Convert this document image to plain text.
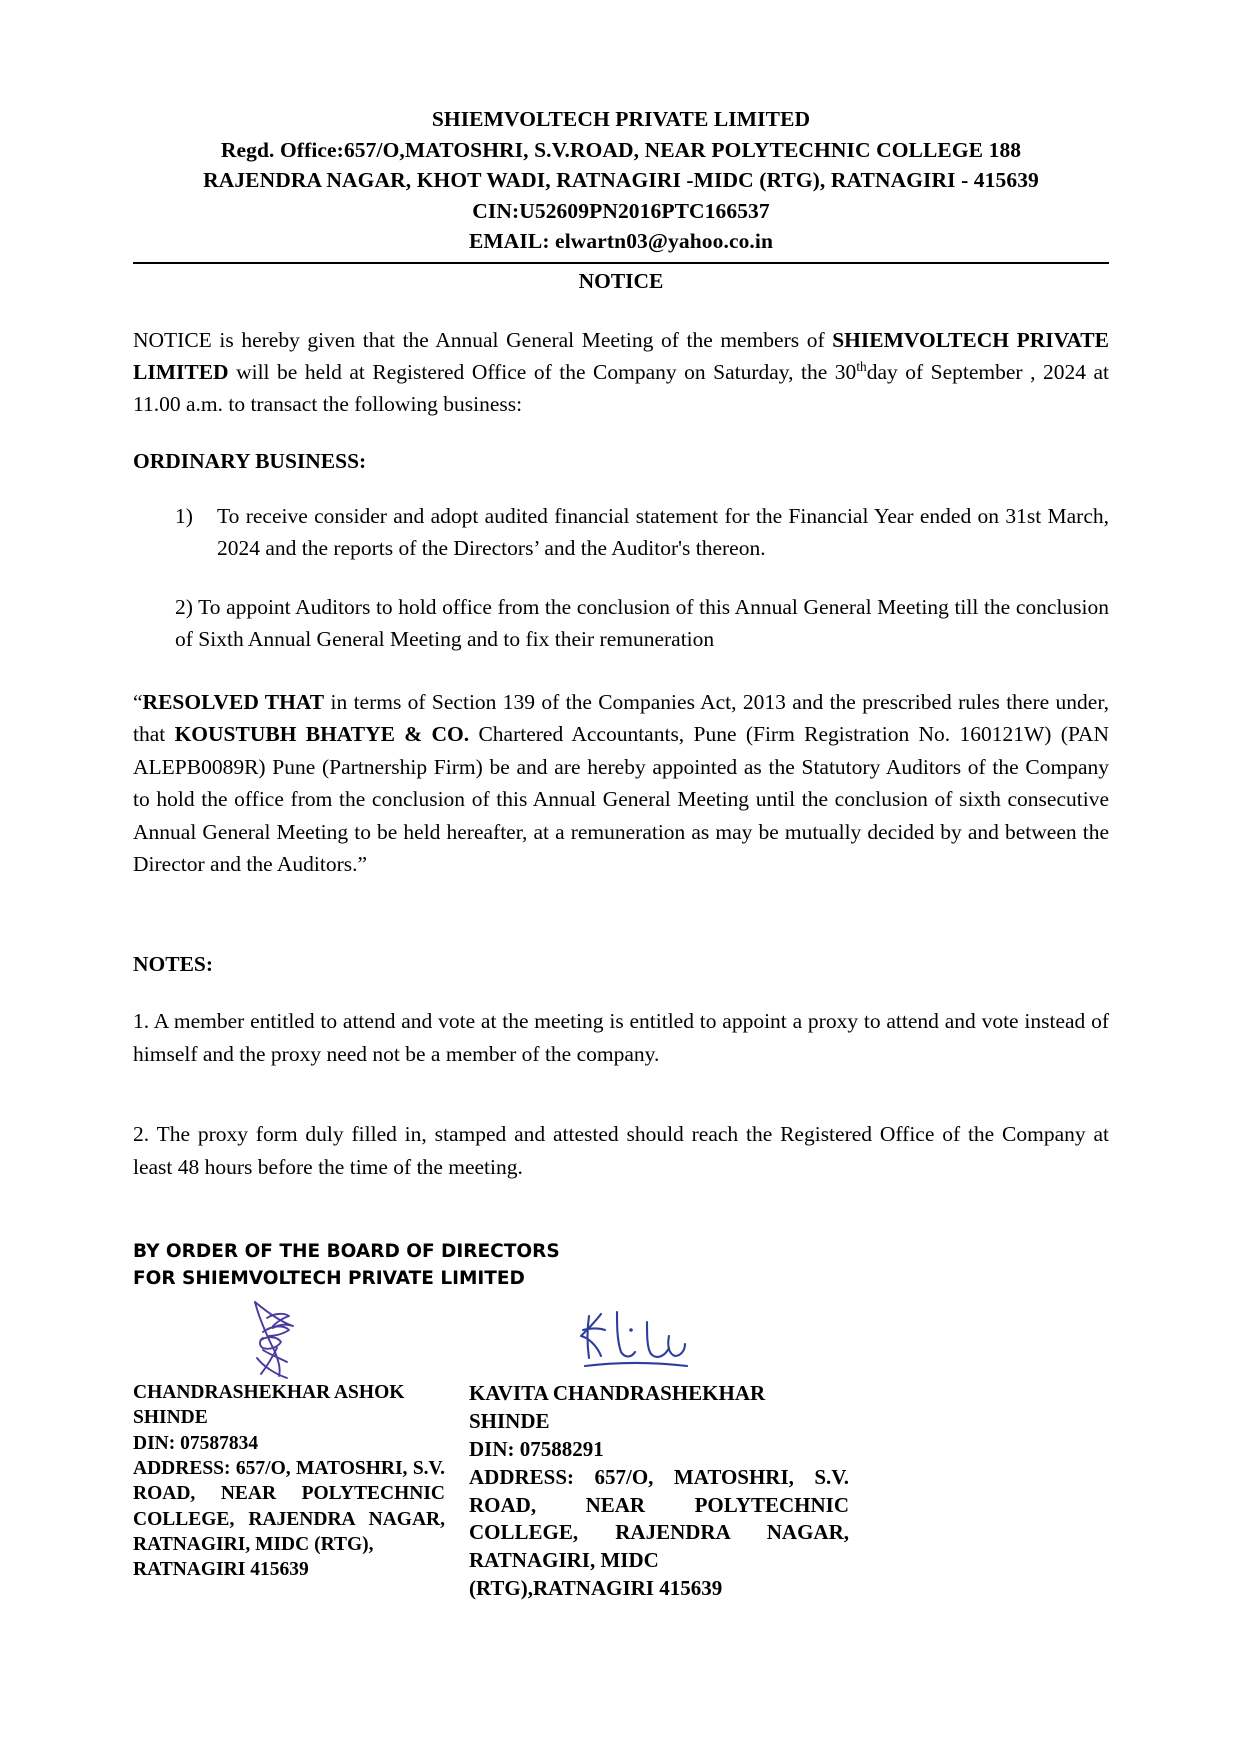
SHIEMVOLTECH PRIVATE LIMITED
Regd. Office:657/O,MATOSHRI, S.V.ROAD, NEAR POLYTECHNIC COLLEGE 188
RAJENDRA NAGAR, KHOT WADI, RATNAGIRI -MIDC (RTG), RATNAGIRI - 415639
CIN:U52609PN2016PTC166537
EMAIL: elwartn03@yahoo.co.in
NOTICE

NOTICE is hereby given that the Annual General Meeting of the members of SHIEMVOLTECH PRIVATE LIMITED will be held at Registered Office of the Company on Saturday, the 30thday of September , 2024 at 11.00 a.m. to transact the following business:

ORDINARY BUSINESS:
1) To receive consider and adopt audited financial statement for the Financial Year ended on 31st March, 2024 and the reports of the Directors’ and the Auditor's thereon.
2) To appoint Auditors to hold office from the conclusion of this Annual General Meeting till the conclusion of Sixth Annual General Meeting and to fix their remuneration

“RESOLVED THAT in terms of Section 139 of the Companies Act, 2013 and the prescribed rules there under, that KOUSTUBH BHATYE & CO. Chartered Accountants, Pune (Firm Registration No. 160121W) (PAN ALEPB0089R) Pune (Partnership Firm) be and are hereby appointed as the Statutory Auditors of the Company to hold the office from the conclusion of this Annual General Meeting until the conclusion of sixth consecutive Annual General Meeting to be held hereafter, at a remuneration as may be mutually decided by and between the Director and the Auditors.”

NOTES:

1. A member entitled to attend and vote at the meeting is entitled to appoint a proxy to attend and vote instead of himself and the proxy need not be a member of the company.

2. The proxy form duly filled in, stamped and attested should reach the Registered Office of the Company at least 48 hours before the time of the meeting.

BY ORDER OF THE BOARD OF DIRECTORS
FOR SHIEMVOLTECH PRIVATE LIMITED
CHANDRASHEKHAR ASHOK SHINDE
DIN: 07587834
ADDRESS: 657/O, MATOSHRI, S.V. ROAD, NEAR POLYTECHNIC COLLEGE, RAJENDRA NAGAR, RATNAGIRI, MIDC (RTG),
RATNAGIRI 415639
KAVITA CHANDRASHEKHAR SHINDE
DIN: 07588291
ADDRESS: 657/O, MATOSHRI, S.V. ROAD, NEAR POLYTECHNIC COLLEGE, RAJENDRA NAGAR, RATNAGIRI, MIDC
(RTG),RATNAGIRI 415639
